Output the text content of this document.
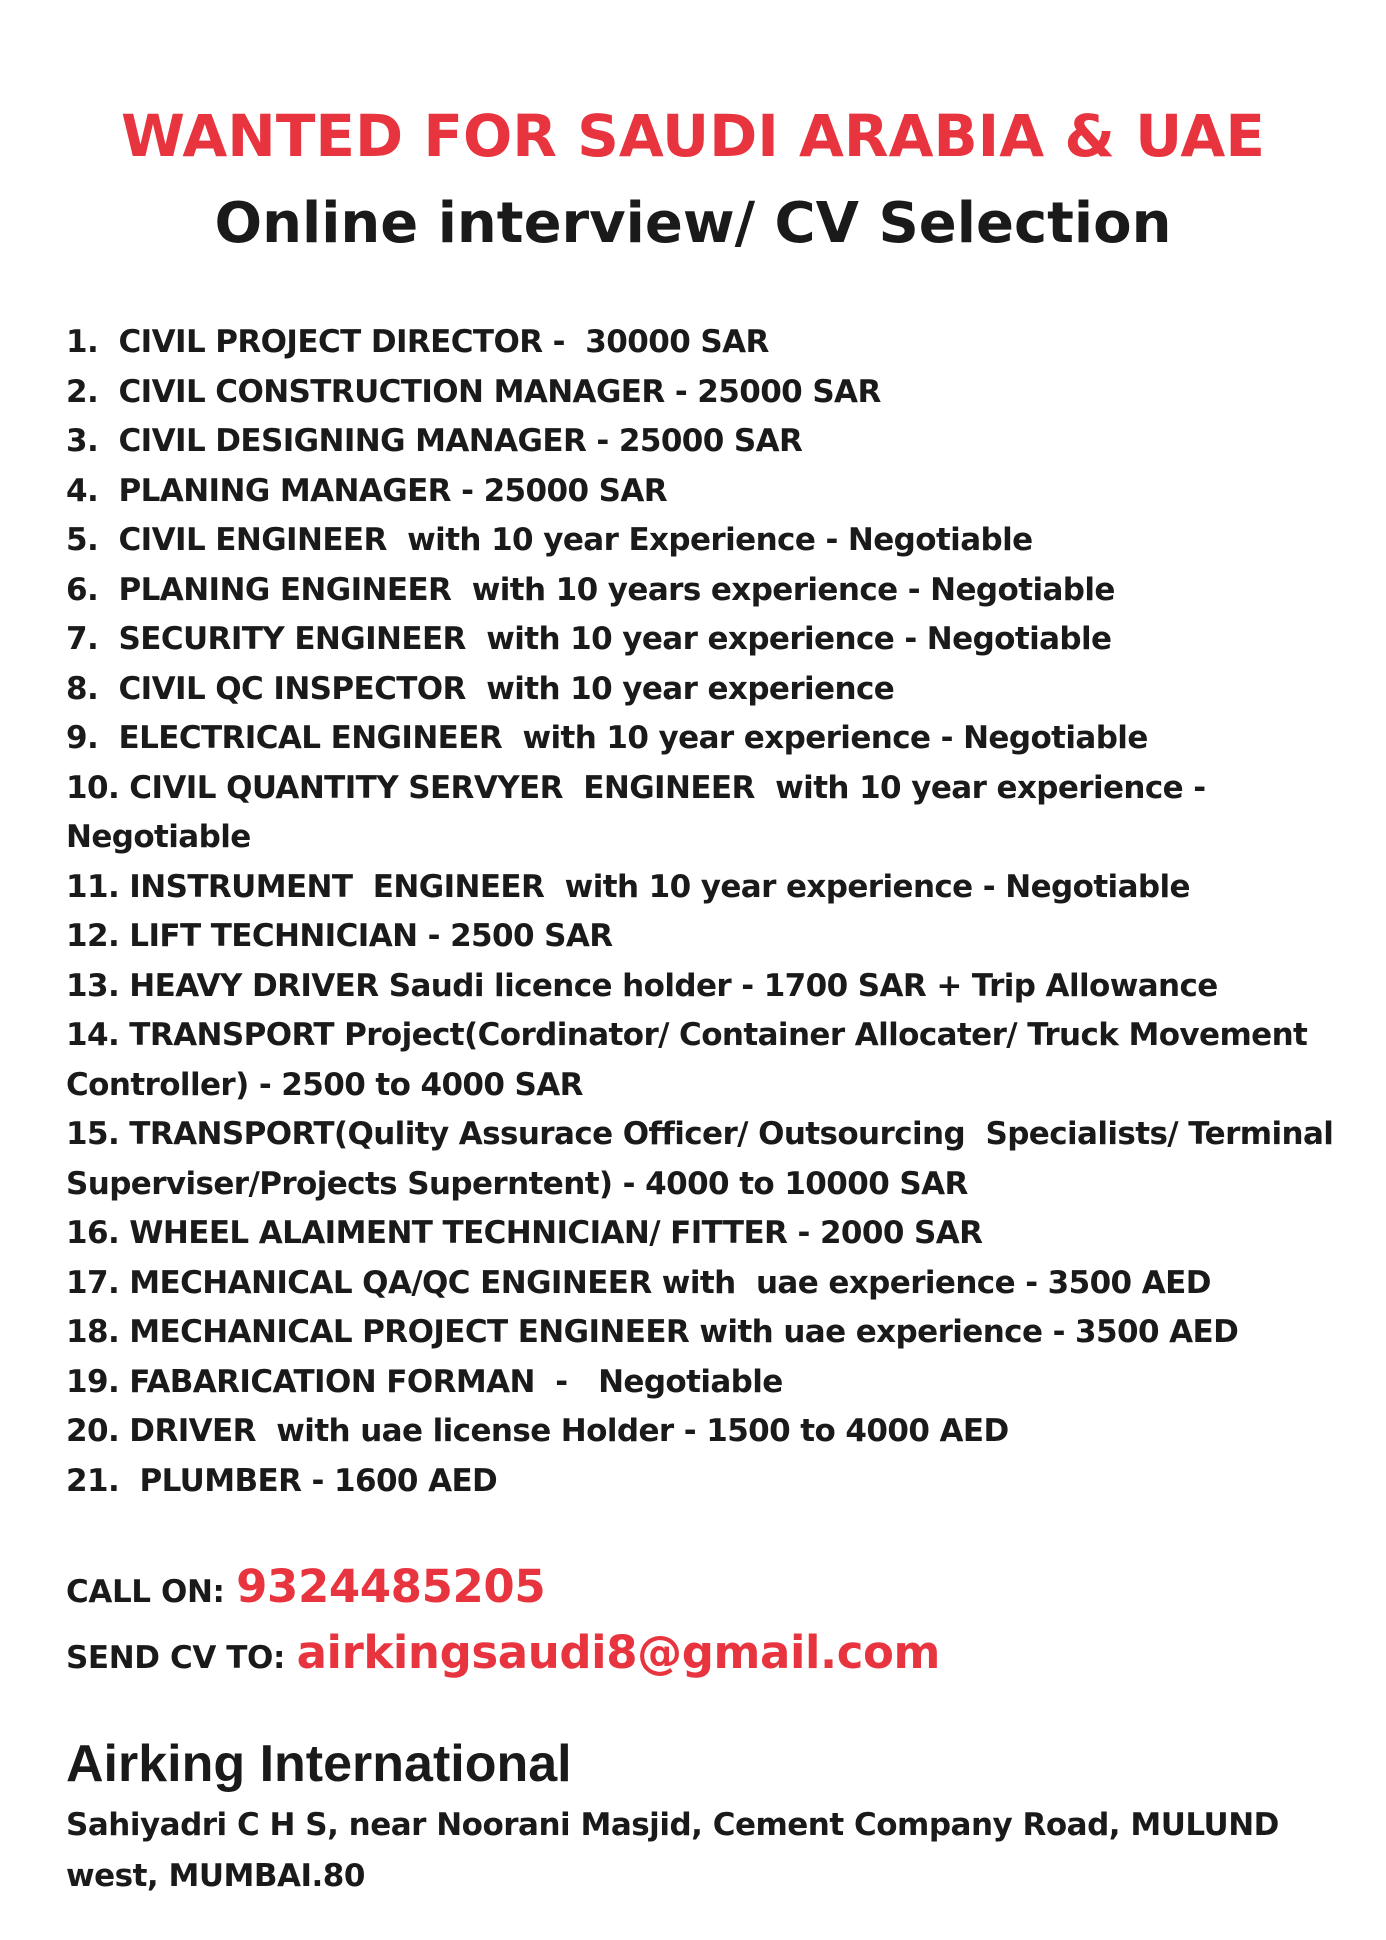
WANTED FOR SAUDI ARABIA & UAE
Online interview/ CV Selection
1.  CIVIL PROJECT DIRECTOR -  30000 SAR
2.  CIVIL CONSTRUCTION MANAGER - 25000 SAR
3.  CIVIL DESIGNING MANAGER - 25000 SAR
4.  PLANING MANAGER - 25000 SAR
5.  CIVIL ENGINEER  with 10 year Experience - Negotiable
6.  PLANING ENGINEER  with 10 years experience - Negotiable
7.  SECURITY ENGINEER  with 10 year experience - Negotiable
8.  CIVIL QC INSPECTOR  with 10 year experience
9.  ELECTRICAL ENGINEER  with 10 year experience - Negotiable
10. CIVIL QUANTITY SERVYER  ENGINEER  with 10 year experience - Negotiable
11. INSTRUMENT  ENGINEER  with 10 year experience - Negotiable
12. LIFT TECHNICIAN - 2500 SAR
13. HEAVY DRIVER Saudi licence holder - 1700 SAR + Trip Allowance
14. TRANSPORT Project(Cordinator/ Container Allocater/ Truck Movement Controller) - 2500 to 4000 SAR
15. TRANSPORT(Qulity Assurace Officer/ Outsourcing  Specialists/ Terminal Superviser/Projects Superntent) - 4000 to 10000 SAR
16. WHEEL ALAIMENT TECHNICIAN/ FITTER - 2000 SAR
17. MECHANICAL QA/QC ENGINEER with  uae experience - 3500 AED
18. MECHANICAL PROJECT ENGINEER with uae experience - 3500 AED
19. FABARICATION FORMAN  -   Negotiable
20. DRIVER  with uae license Holder - 1500 to 4000 AED
21.  PLUMBER - 1600 AED
CALL ON: 9324485205
SEND CV TO: airkingsaudi8@gmail.com
Airking International
Sahiyadri C H S, near Noorani Masjid, Cement Company Road, MULUND west, MUMBAI.80
